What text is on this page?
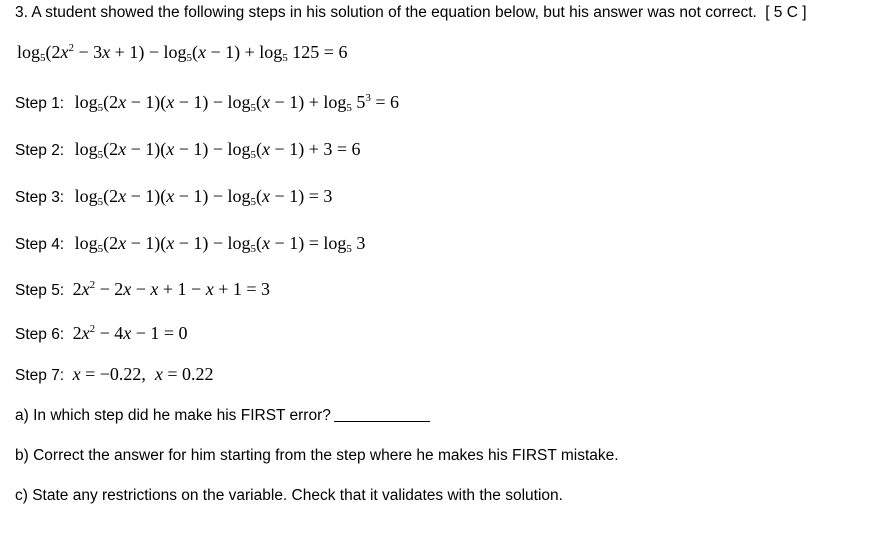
3. A student showed the following steps in his solution of the equation below, but his answer was not correct. [ 5 C ]
$\log_5(2x^2 - 3x + 1) - \log_5(x - 1) + \log_5 125 = 6$
Step 1: $\log_5(2x - 1)(x - 1) - \log_5(x - 1) + \log_5 5^3 = 6$
Step 2: $\log_5(2x - 1)(x - 1) - \log_5(x - 1) + 3 = 6$
Step 3: $\log_5(2x - 1)(x - 1) - \log_5(x - 1) = 3$
Step 4: $\log_5(2x - 1)(x - 1) - \log_5(x - 1) = \log_5 3$
Step 5: $2x^2 - 2x - x + 1 - x + 1 = 3$
Step 6: $2x^2 - 4x - 1 = 0$
Step 7: x = −0.22,  x = 0.22
a) In which step did he make his FIRST error?
b) Correct the answer for him starting from the step where he makes his FIRST mistake.
c) State any restrictions on the variable. Check that it validates with the solution.
